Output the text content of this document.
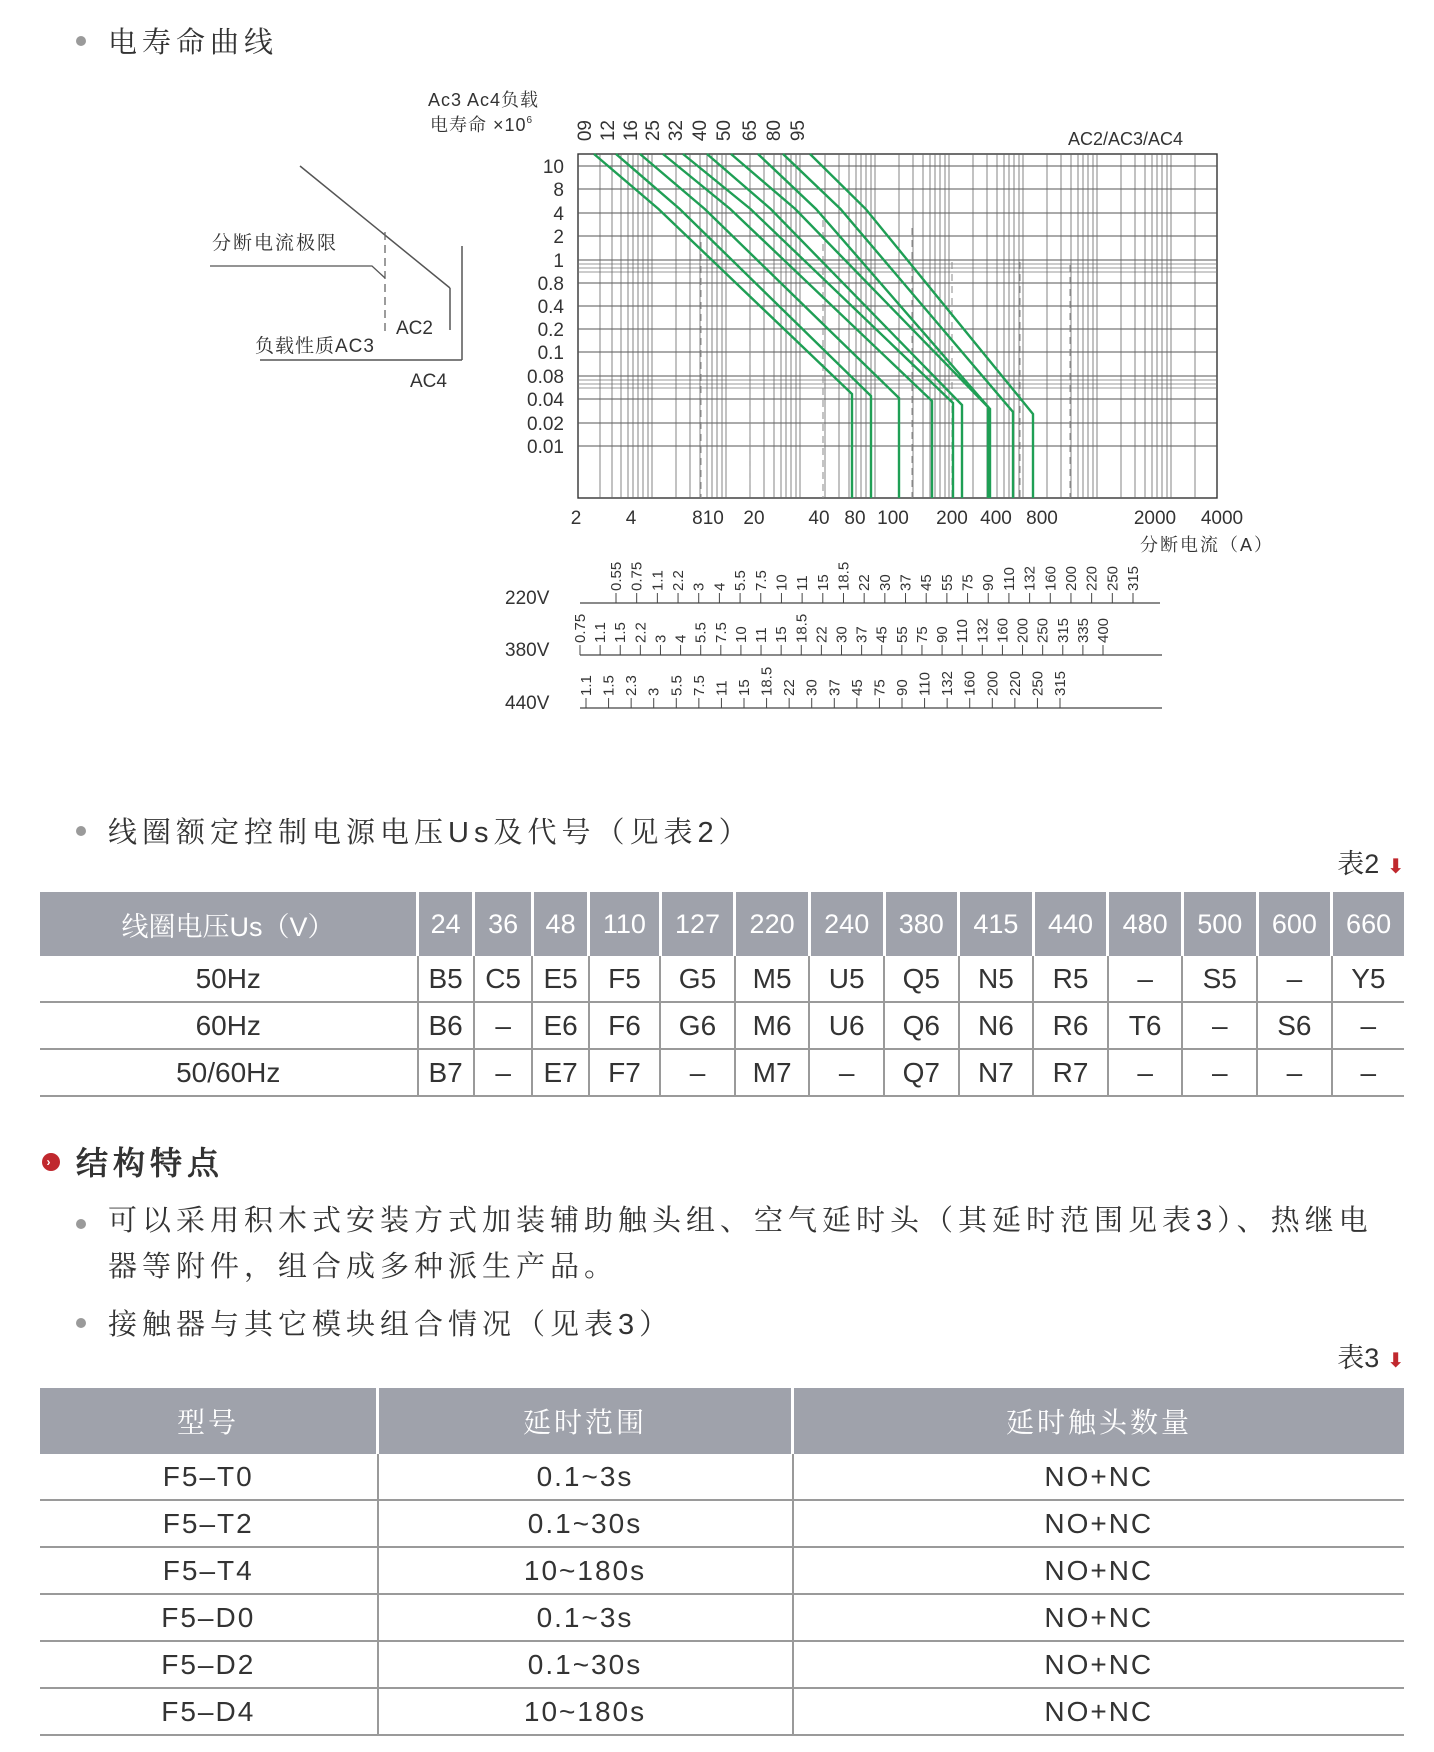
电寿命曲线
分断电流极限
负载性质AC3
AC2
AC4
Ac3 Ac4负载
电寿命 $\times 10^6$
AC2/AC3/AC4
分断电流（A）
10
8
4
2
1
0.8
0.4
0.2
0.1
0.08
0.04
0.02
0.01
2 4	810 20 40 80 100 200 400 800	2000 4000
09 12 16 25 32 40 50 65 80 95
220V
0.55 0.75 1.1 2.2 3 4 5.5 7.5 10 11 15 18.5 22 30 37 45 55 75 90 110 132 160 200 220 250 315
380V
0.75 1.1 1.5 2.2 3 4 5.5 7.5 10 11 15 18.5 22 30 37 45 55 75 90 110 132 160 200 250 315 335 400
440V
1.1 1.5 2.3 3 5.5 7.5 11 15 18.5 22 30 37 45 75 90 110 132 160 200 220 250 315
线圈额定控制电源电压Us及代号（见表2）
表2 ⬇
线圈电压Us（V）	24	36	48	110	127	220	240	380	415	440	480	500	600	660
50Hz	B5	C5	E5	F5	G5	M5	U5	Q5	N5	R5	–	S5	–	Y5
60Hz	B6	–	E6	F6	G6	M6	U6	Q6	N6	R6	T6	–	S6	–
50/60Hz	B7	–	E7	F7	–	M7	–	Q7	N7	R7	–	–	–	–
› 结构特点
可以采用积木式安装方式加装辅助触头组、空气延时头（其延时范围见表3）、热继电器等附件，组合成多种派生产品。
接触器与其它模块组合情况（见表3）
表3 ⬇
型号	延时范围	延时触头数量
F5–T0	0.1~3s	NO+NC
F5–T2	0.1~30s	NO+NC
F5–T4	10~180s	NO+NC
F5–D0	0.1~3s	NO+NC
F5–D2	0.1~30s	NO+NC
F5–D4	10~180s	NO+NC
